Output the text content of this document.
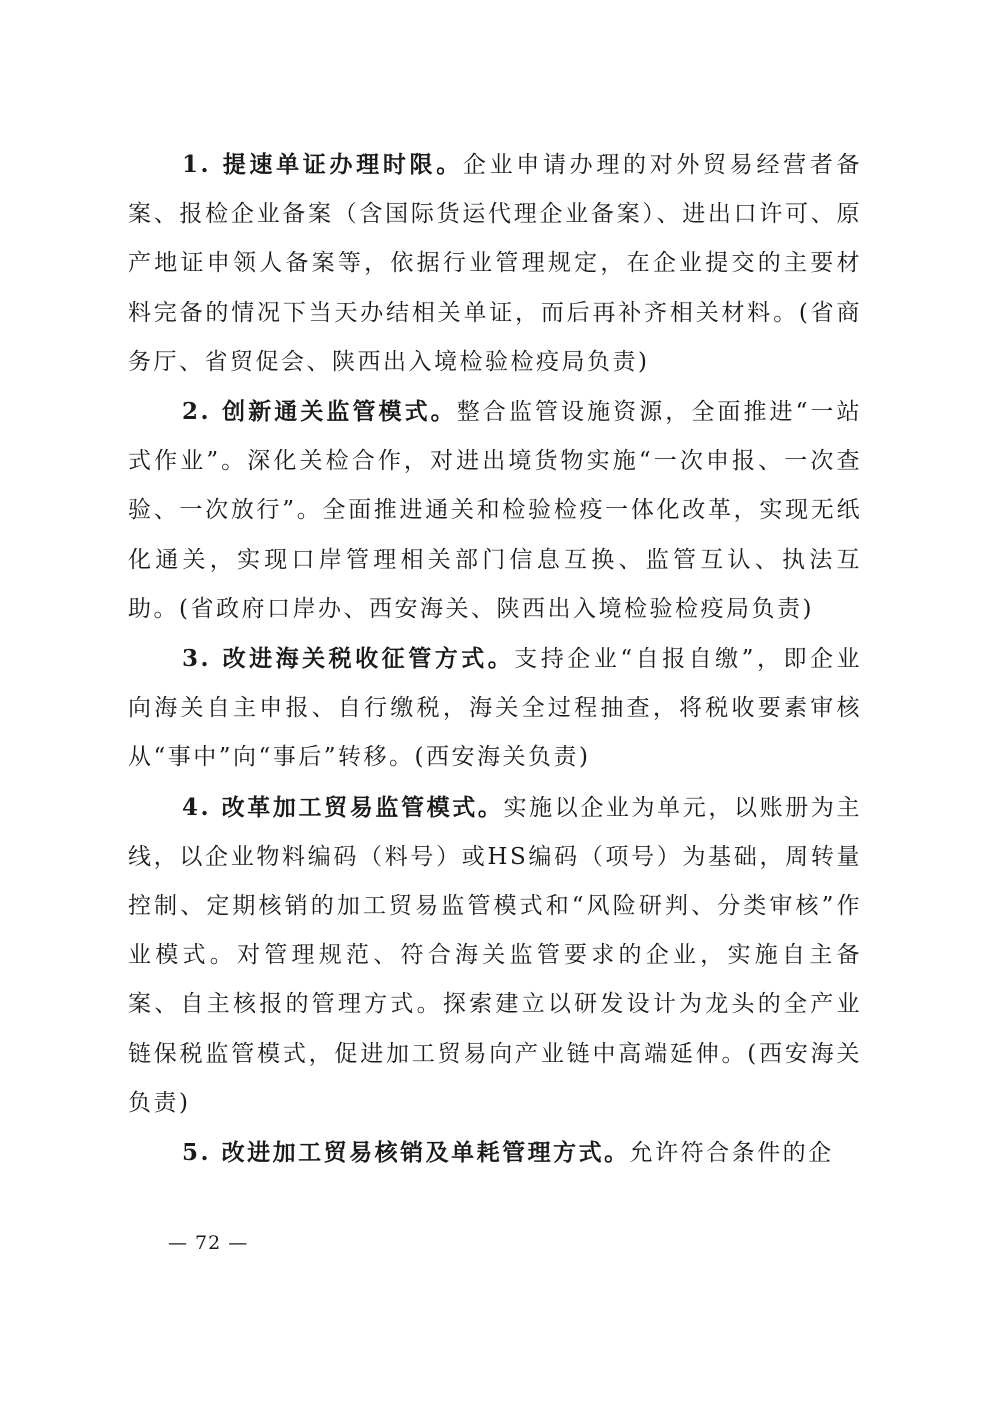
1. 提速单证办理时限。企业申请办理的对外贸易经营者备案、报检企业备案（含国际货运代理企业备案）、进出口许可、原产地证申领人备案等，依据行业管理规定，在企业提交的主要材料完备的情况下当天办结相关单证，而后再补齐相关材料。(省商务厅、省贸促会、陕西出入境检验检疫局负责)

2. 创新通关监管模式。整合监管设施资源，全面推进“一站式作业”。深化关检合作，对进出境货物实施“一次申报、一次查验、一次放行”。全面推进通关和检验检疫一体化改革，实现无纸化通关，实现口岸管理相关部门信息互换、监管互认、执法互助。(省政府口岸办、西安海关、陕西出入境检验检疫局负责)

3. 改进海关税收征管方式。支持企业“自报自缴”，即企业向海关自主申报、自行缴税，海关全过程抽查，将税收要素审核从“事中”向“事后”转移。(西安海关负责)

4. 改革加工贸易监管模式。实施以企业为单元，以账册为主线，以企业物料编码（料号）或HS编码（项号）为基础，周转量控制、定期核销的加工贸易监管模式和“风险研判、分类审核”作业模式。对管理规范、符合海关监管要求的企业，实施自主备案、自主核报的管理方式。探索建立以研发设计为龙头的全产业链保税监管模式，促进加工贸易向产业链中高端延伸。(西安海关负责)

5. 改进加工贸易核销及单耗管理方式。允许符合条件的企

— 72 —
